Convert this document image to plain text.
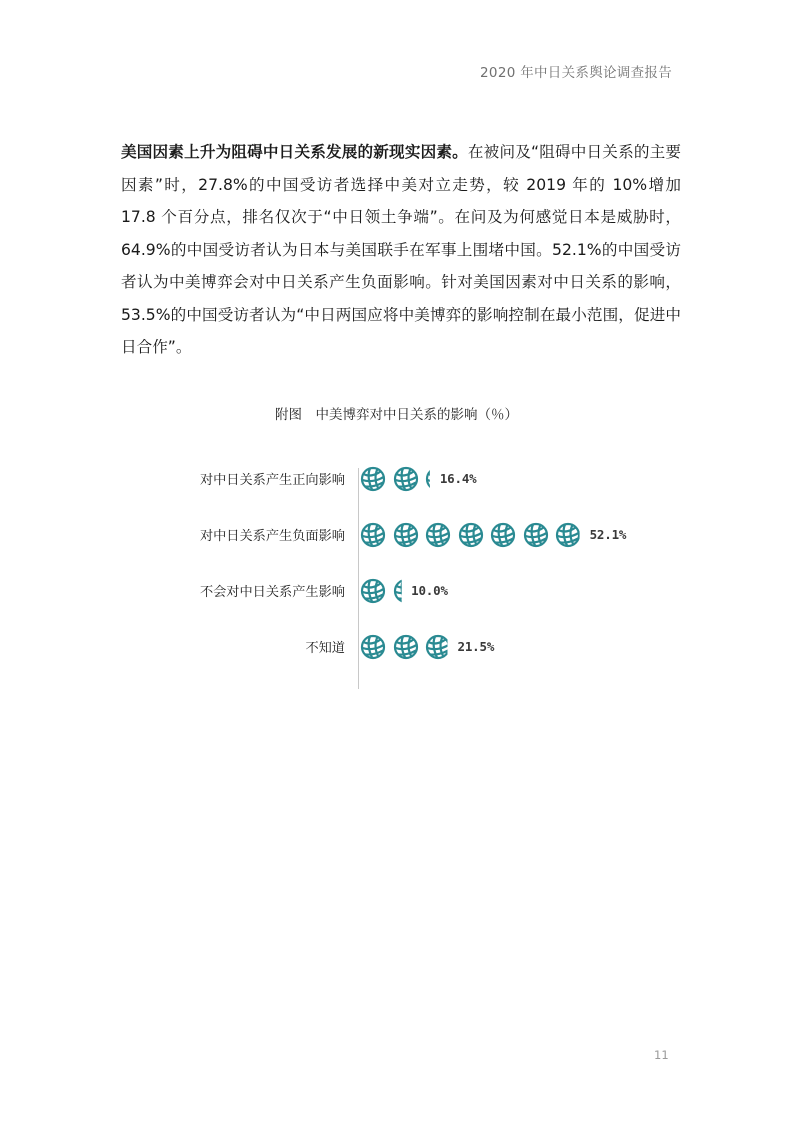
2020 年中日关系舆论调查报告
美国因素上升为阻碍中日关系发展的新现实因素。在被问及“阻碍中日关系的主要因素”时，27.8%的中国受访者选择中美对立走势，较 2019 年的 10%增加 17.8 个百分点，排名仅次于“中日领土争端”。在问及为何感觉日本是威胁时，64.9%的中国受访者认为日本与美国联手在军事上围堵中国。52.1%的中国受访者认为中美博弈会对中日关系产生负面影响。针对美国因素对中日关系的影响，53.5%的中国受访者认为“中日两国应将中美博弈的影响控制在最小范围，促进中日合作”。
附图　中美博弈对中日关系的影响（％）
对中日关系产生正向影响	16.4%
对中日关系产生负面影响	52.1%
不会对中日关系产生影响	10.0%
不知道	21.5%
11
